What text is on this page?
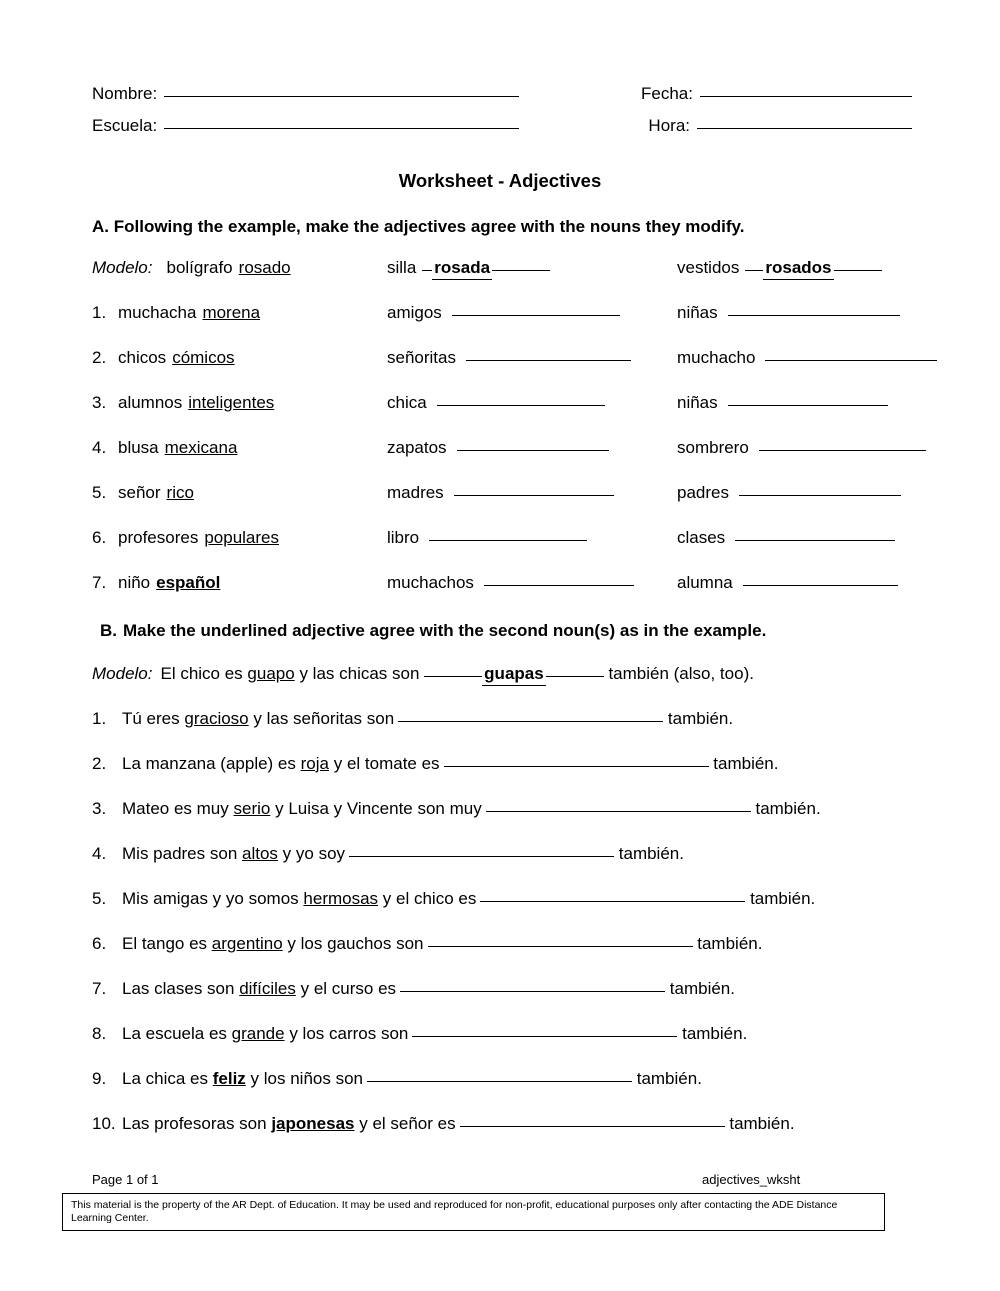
Nombre:	Fecha:
Escuela:	Hora:
Worksheet - Adjectives
A. Following the example, make the adjectives agree with the nouns they modify.
Modelo: bolígrafo rosado	silla rosada	vestidos rosados
1. muchacha morena	amigos	niñas
2. chicos cómicos	señoritas	muchacho
3. alumnos inteligentes	chica	niñas
4. blusa mexicana	zapatos	sombrero
5. señor rico	madres	padres
6. profesores populares	libro	clases
7. niño español	muchachos	alumna
B. Make the underlined adjective agree with the second noun(s) as in the example.
Modelo: El chico es
guapo
y las chicas son
	guapas
	también (also, too).
1. Tú eres
gracioso
y las señoritas son
	también.
2. La manzana (apple) es
roja
y el tomate es
	también.
3. Mateo es muy
serio
y Luisa y Vincente son muy
	también.
4. Mis padres son
altos
y yo soy
	también.
5. Mis amigas y yo somos
hermosas
y el chico es
	también.
6. El tango es
argentino
y los gauchos son
	también.
7. Las clases son
difíciles
y el curso es
	también.
8. La escuela es
grande
y los carros son
	también.
9. La chica es
feliz
y los niños son
	también.
10. Las profesoras son
japonesas
y el señor es
	también.
Page 1 of 1	adjectives_wksht
This material is the property of the AR Dept. of Education. It may be used and reproduced for non-profit, educational purposes only after contacting the ADE Distance Learning Center.
